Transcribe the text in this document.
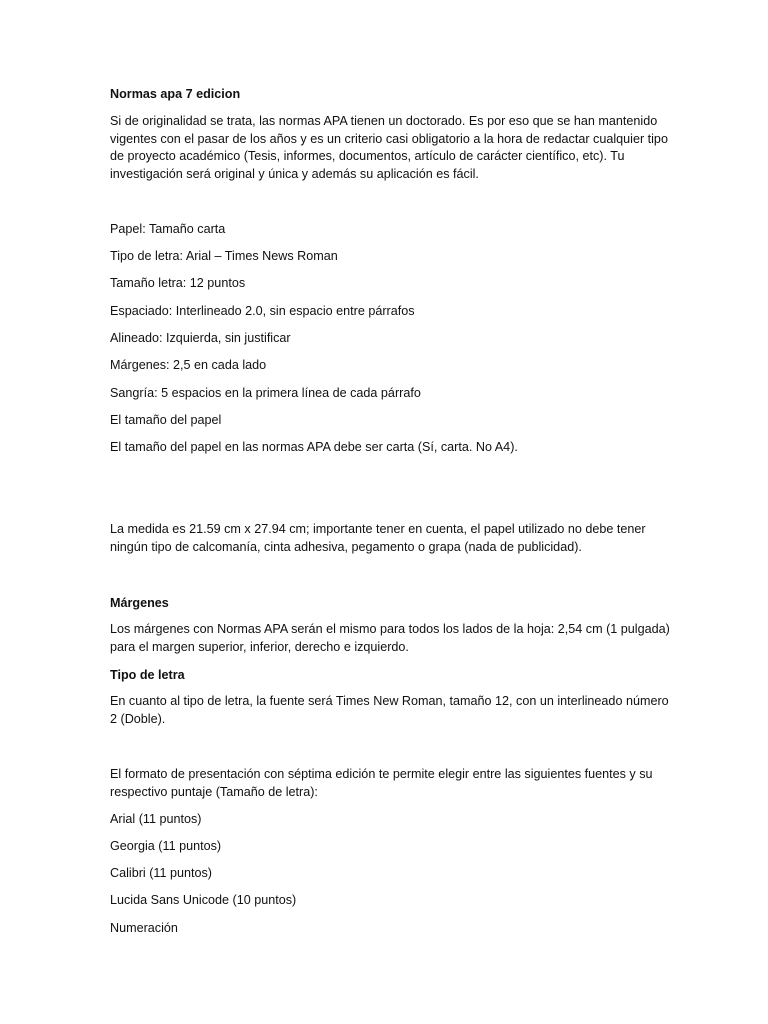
Normas apa 7 edicion

Si de originalidad se trata, las normas APA tienen un doctorado. Es por eso que se han mantenido vigentes con el pasar de los años y es un criterio casi obligatorio a la hora de redactar cualquier tipo de proyecto académico (Tesis, informes, documentos, artículo de carácter científico, etc). Tu investigación será original y única y además su aplicación es fácil.

Papel: Tamaño carta

Tipo de letra: Arial – Times News Roman

Tamaño letra: 12 puntos

Espaciado: Interlineado 2.0, sin espacio entre párrafos

Alineado: Izquierda, sin justificar

Márgenes: 2,5 en cada lado

Sangría: 5 espacios en la primera línea de cada párrafo

El tamaño del papel

El tamaño del papel en las normas APA debe ser carta (Sí, carta. No A4).

La medida es 21.59 cm x 27.94 cm; importante tener en cuenta, el papel utilizado no debe tener ningún tipo de calcomanía, cinta adhesiva, pegamento o grapa (nada de publicidad).

Márgenes

Los márgenes con Normas APA serán el mismo para todos los lados de la hoja: 2,54 cm (1 pulgada) para el margen superior, inferior, derecho e izquierdo.

Tipo de letra

En cuanto al tipo de letra, la fuente será Times New Roman, tamaño 12, con un interlineado número 2 (Doble).

El formato de presentación con séptima edición te permite elegir entre las siguientes fuentes y su respectivo puntaje (Tamaño de letra):

Arial (11 puntos)

Georgia (11 puntos)

Calibri (11 puntos)

Lucida Sans Unicode (10 puntos)

Numeración
